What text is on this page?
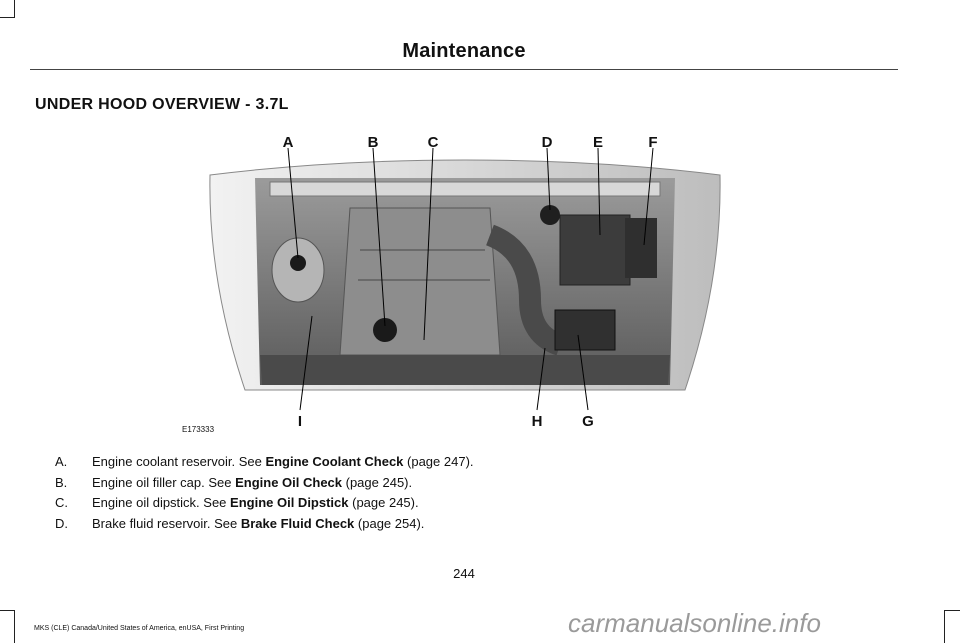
Maintenance
UNDER HOOD OVERVIEW - 3.7L
A	B	C	D	E	F
I	H	G
E173333
A. Engine coolant reservoir. See Engine Coolant Check (page 247).
B. Engine oil filler cap. See Engine Oil Check (page 245).
C. Engine oil dipstick. See Engine Oil Dipstick (page 245).
D. Brake fluid reservoir. See Brake Fluid Check (page 254).
244
MKS (CLE) Canada/United States of America, enUSA, First Printing	carmanualsonline.info
